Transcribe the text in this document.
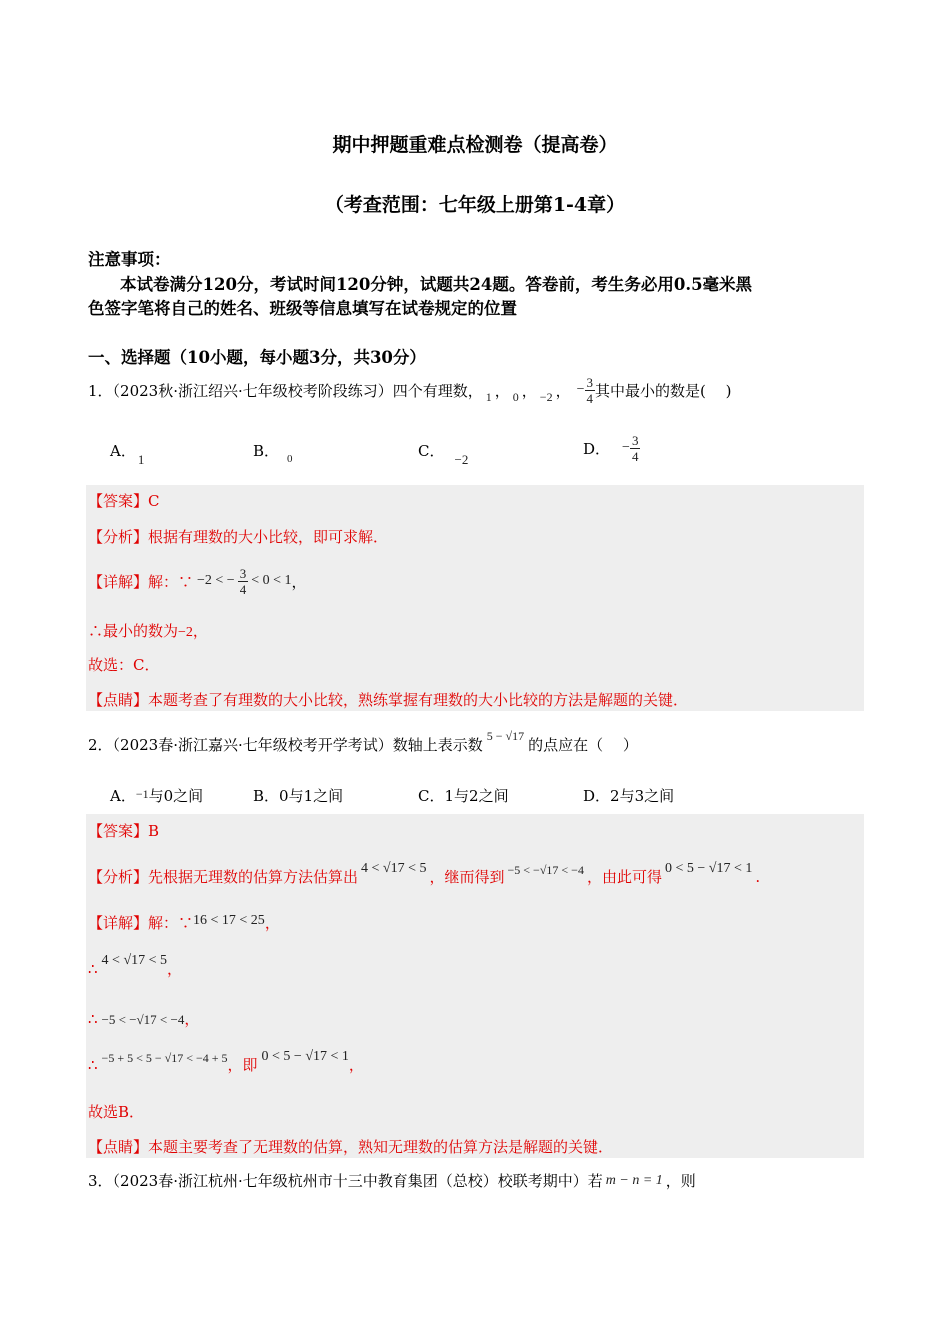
期中押题重难点检测卷（提高卷）
（考查范围：七年级上册第1-4章）
注意事项：
本试卷满分120分，考试时间120分钟，试题共24题。答卷前，考生务必用0.5毫米黑
色签字笔将自己的姓名、班级等信息填写在试卷规定的位置
一、选择题（10小题，每小题3分，共30分）
1．（2023秋·浙江绍兴·七年级校考阶段练习）四个有理数， 1 ， 0 ， −2 ， − $\frac{3}{4}$ 其中最小的数是(　 )
A． 1	B． $_0$	C． −2
D． − $\frac{3}{4}$
【答案】C
【分析】根据有理数的大小比较，即可求解．
【详解】解：∵ −2 < − $\frac{3}{4} < 0 < 1$ ，
∴最小的数为−2，
故选：C．
【点睛】本题考查了有理数的大小比较，熟练掌握有理数的大小比较的方法是解题的关键．
2．（2023春·浙江嘉兴·七年级校考开学考试）数轴上表示数 $^{5 - √17}$ 的点应在（　 ）
A．$^{-1}$与0之间	B．0与1之间	C．1与2之间	D．2与3之间
【答案】B
【分析】先根据无理数的估算方法估算出 4 < √17 < 5 ，继而得到 $^{-5 < -√17 < -4}$ ，由此可得 0 < 5 − √17 < 1 .
【详解】解：∵16 < 17 < 25，
∴ 4 < √17 < 5，
∴ −5 < −√17 < −4，
∴ $^{-5 + 5 < 5 - √17 < -4 + 5}$，即 0 < 5 − √17 < 1，
故选B．
【点睛】本题主要考查了无理数的估算，熟知无理数的估算方法是解题的关键．
3．（2023春·浙江杭州·七年级杭州市十三中教育集团（总校）校联考期中）若 m − n = 1 ，则
